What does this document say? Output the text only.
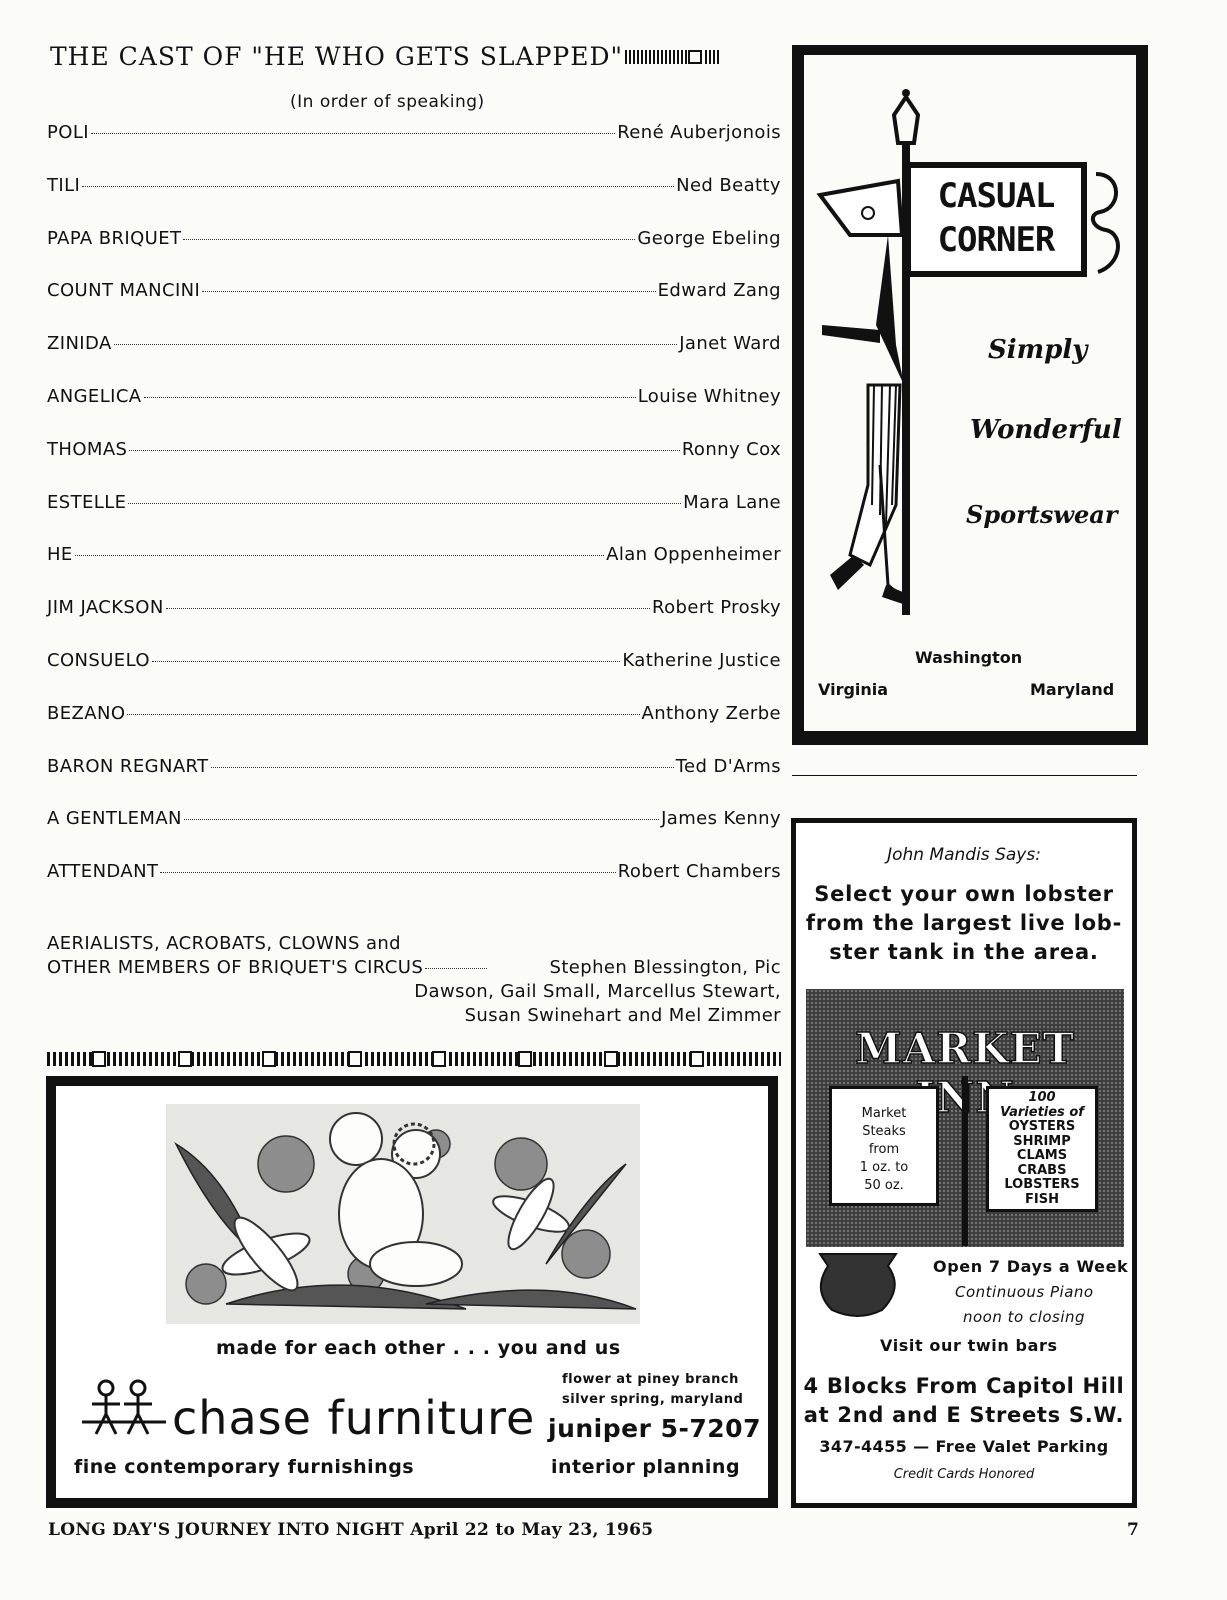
THE CAST OF "HE WHO GETS SLAPPED"
(In order of speaking)
POLI	René Auberjonois
TILI	Ned Beatty
PAPA BRIQUET	George Ebeling
COUNT MANCINI	Edward Zang
ZINIDA	Janet Ward
ANGELICA	Louise Whitney
THOMAS	Ronny Cox
ESTELLE	Mara Lane
HE	Alan Oppenheimer
JIM JACKSON	Robert Prosky
CONSUELO	Katherine Justice
BEZANO	Anthony Zerbe
BARON REGNART	Ted D'Arms
A GENTLEMAN	James Kenny
ATTENDANT	Robert Chambers
AERIALISTS, ACROBATS, CLOWNS and
OTHER MEMBERS OF BRIQUET'S CIRCUS	Stephen Blessington, Pic
Dawson, Gail Small, Marcellus Stewart,
Susan Swinehart and Mel Zimmer
CASUAL
CORNER
Simply
Wonderful
Sportswear
Washington
Virginia	Maryland
made for each other . . . you and us
chase furniture
fine contemporary furnishings
flower at piney branch
silver spring, maryland
juniper 5-7207
interior planning
John Mandis Says:
Select your own lobster
from the largest live lob-
ster tank in the area.
MARKET
Market
Steaks
from
1 oz. to
50 oz.
100
Varieties of
OYSTERS
SHRIMP
CLAMS
CRABS
LOBSTERS
FISH
Open 7 Days a Week
Continuous Piano
noon to closing
Visit our twin bars
4 Blocks From Capitol Hill
at 2nd and E Streets S.W.
347-4455 — Free Valet Parking
Credit Cards Honored
LONG DAY'S JOURNEY INTO NIGHT April 22 to May 23, 1965	7
